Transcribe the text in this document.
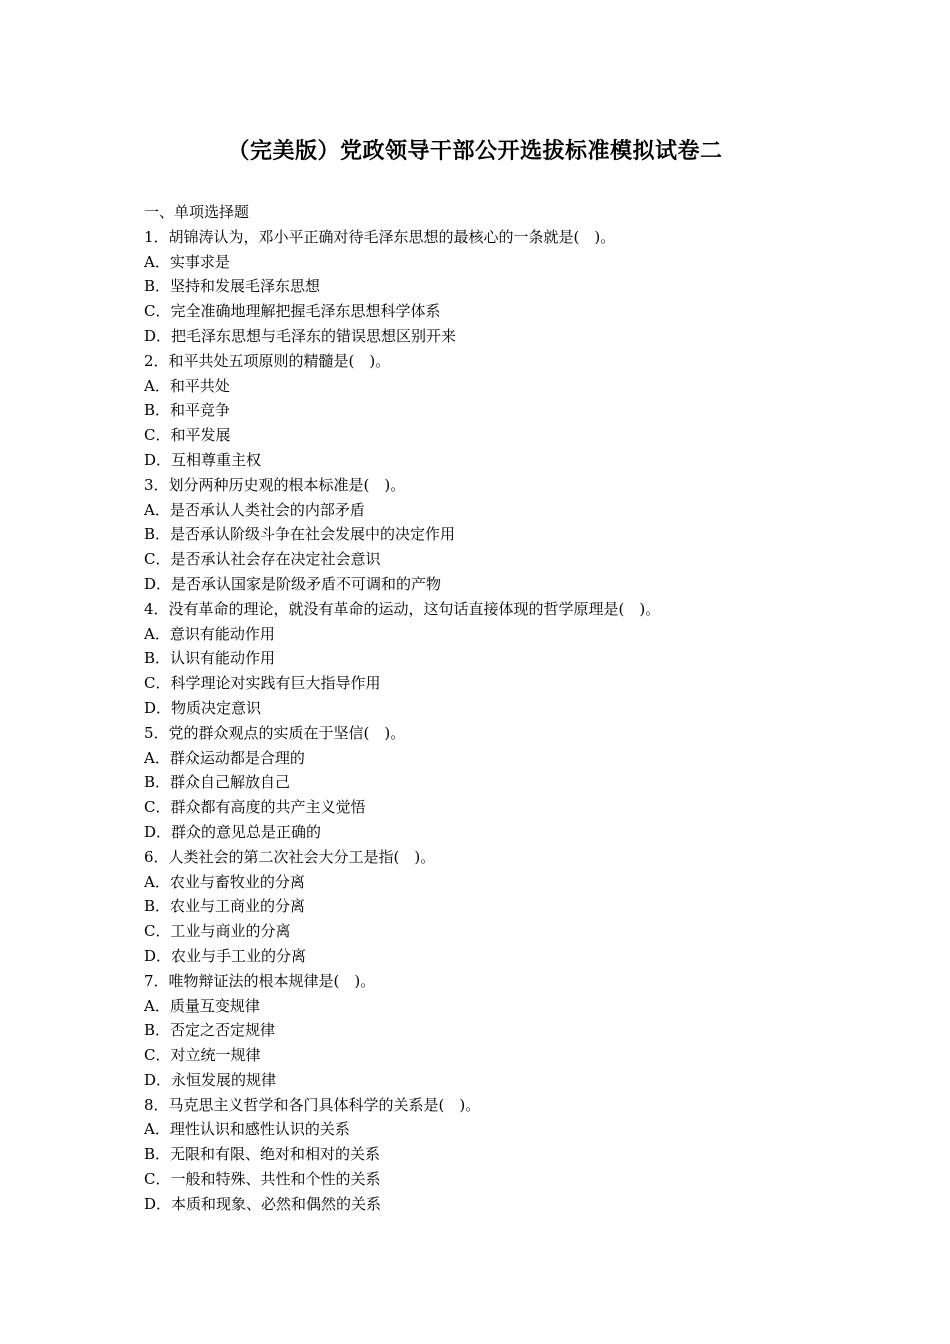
（完美版）党政领导干部公开选拔标准模拟试卷二
一、单项选择题
1．胡锦涛认为，邓小平正确对待毛泽东思想的最核心的一条就是(　)。
A．实事求是
B．坚持和发展毛泽东思想
C．完全准确地理解把握毛泽东思想科学体系
D．把毛泽东思想与毛泽东的错误思想区别开来
2．和平共处五项原则的精髓是(　)。
A．和平共处
B．和平竞争
C．和平发展
D．互相尊重主权
3．划分两种历史观的根本标准是(　)。
A．是否承认人类社会的内部矛盾
B．是否承认阶级斗争在社会发展中的决定作用
C．是否承认社会存在决定社会意识
D．是否承认国家是阶级矛盾不可调和的产物
4．没有革命的理论，就没有革命的运动，这句话直接体现的哲学原理是(　)。
A．意识有能动作用
B．认识有能动作用
C．科学理论对实践有巨大指导作用
D．物质决定意识
5．党的群众观点的实质在于坚信(　)。
A．群众运动都是合理的
B．群众自己解放自己
C．群众都有高度的共产主义觉悟
D．群众的意见总是正确的
6．人类社会的第二次社会大分工是指(　)。
A．农业与畜牧业的分离
B．农业与工商业的分离
C．工业与商业的分离
D．农业与手工业的分离
7．唯物辩证法的根本规律是(　)。
A．质量互变规律
B．否定之否定规律
C．对立统一规律
D．永恒发展的规律
8．马克思主义哲学和各门具体科学的关系是(　)。
A．理性认识和感性认识的关系
B．无限和有限、绝对和相对的关系
C．一般和特殊、共性和个性的关系
D．本质和现象、必然和偶然的关系
